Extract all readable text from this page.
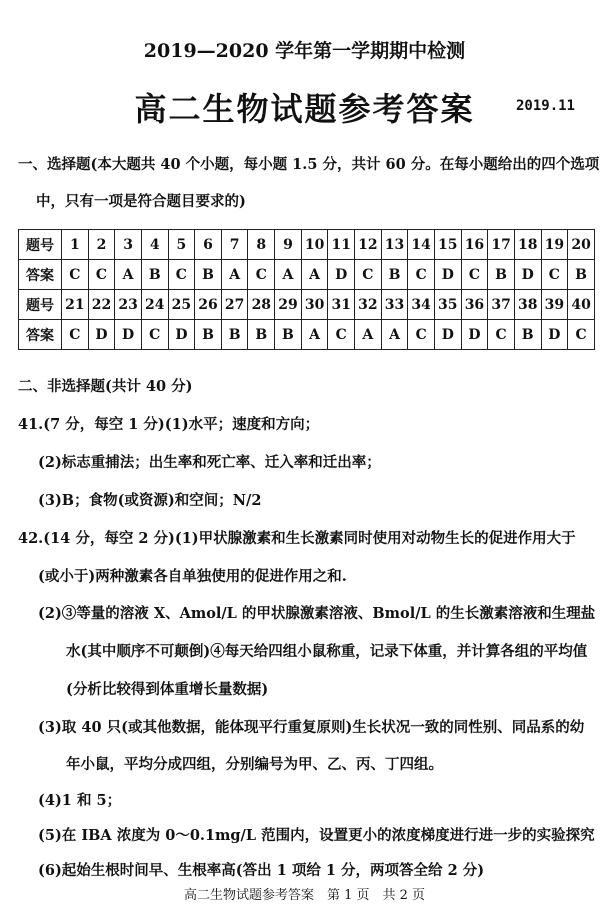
2019—2020 学年第一学期期中检测
高二生物试题参考答案	2019.11
一、选择题(本大题共 40 个小题，每小题 1.5 分，共计 60 分。在每小题给出的四个选项
中，只有一项是符合题目要求的)
题号	1	2	3	4	5	6	7	8	9	10	11	12	13	14	15	16	17	18	19	20
答案	C	C	A	B	C	B	A	C	A	A	D	C	B	C	D	C	B	D	C	B
题号	21	22	23	24	25	26	27	28	29	30	31	32	33	34	35	36	37	38	39	40
答案	C	D	D	C	D	B	B	B	B	A	C	A	A	C	D	D	C	B	D	C
二、非选择题(共计 40 分)
41.(7 分，每空 1 分)(1)水平；速度和方向；
(2)标志重捕法；出生率和死亡率、迁入率和迁出率；
(3)B；食物(或资源)和空间；N/2
42.(14 分，每空 2 分)(1)甲状腺激素和生长激素同时使用对动物生长的促进作用大于
(或小于)两种激素各自单独使用的促进作用之和.
(2)③等量的溶液 X、Amol/L 的甲状腺激素溶液、Bmol/L 的生长激素溶液和生理盐
水(其中顺序不可颠倒)④每天给四组小鼠称重，记录下体重，并计算各组的平均值
(分析比较得到体重增长量数据)
(3)取 40 只(或其他数据，能体现平行重复原则)生长状况一致的同性别、同品系的幼
年小鼠，平均分成四组，分别编号为甲、乙、丙、丁四组。
(4)1 和 5；
(5)在 IBA 浓度为 0～0.1mg/L 范围内，设置更小的浓度梯度进行进一步的实验探究
(6)起始生根时间早、生根率高(答出 1 项给 1 分，两项答全给 2 分)
高二生物试题参考答案　第 1 页　共 2 页
